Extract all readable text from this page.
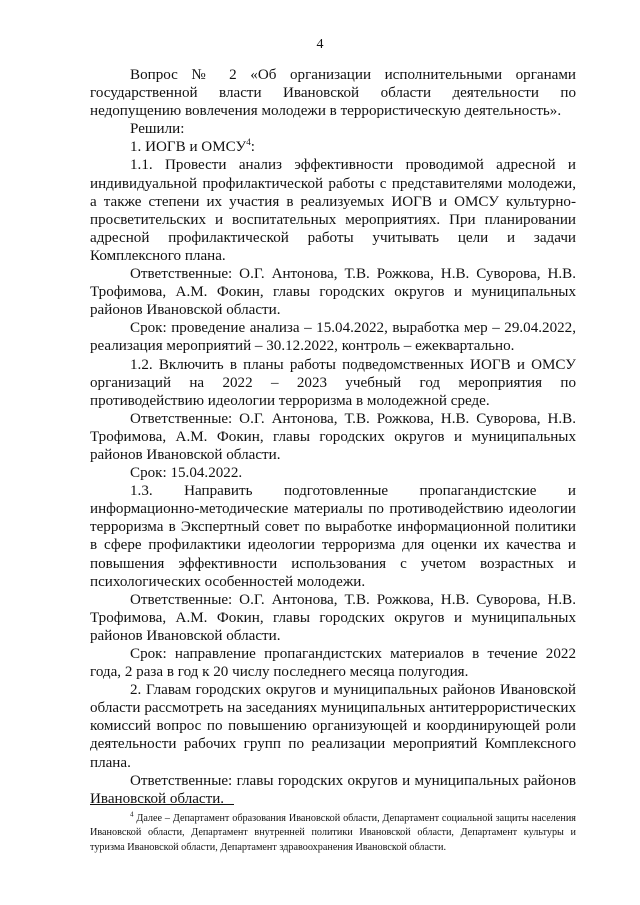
4

Вопрос № 2 «Об организации исполнительными органами государственной власти Ивановской области деятельности по недопущению вовлечения молодежи в террористическую деятельность».

Решили:

1. ИОГВ и ОМСУ$^4$:

1.1. Провести анализ эффективности проводимой адресной и индивидуальной профилактической работы с представителями молодежи, а также степени их участия в реализуемых ИОГВ и ОМСУ культурно-просветительских и воспитательных мероприятиях. При планировании адресной профилактической работы учитывать цели и задачи Комплексного плана.

Ответственные: О.Г. Антонова, Т.В. Рожкова, Н.В. Суворова, Н.В. Трофимова, А.М. Фокин, главы городских округов и муниципальных районов Ивановской области.

Срок: проведение анализа – 15.04.2022, выработка мер – 29.04.2022, реализация мероприятий – 30.12.2022, контроль – ежеквартально.

1.2. Включить в планы работы подведомственных ИОГВ и ОМСУ организаций на 2022 – 2023 учебный год мероприятия по противодействию идеологии терроризма в молодежной среде.

Ответственные: О.Г. Антонова, Т.В. Рожкова, Н.В. Суворова, Н.В. Трофимова, А.М. Фокин, главы городских округов и муниципальных районов Ивановской области.

Срок: 15.04.2022.

1.3. Направить подготовленные пропагандистские и информационно-методические материалы по противодействию идеологии терроризма в Экспертный совет по выработке информационной политики в сфере профилактики идеологии терроризма для оценки их качества и повышения эффективности использования с учетом возрастных и психологических особенностей молодежи.

Ответственные: О.Г. Антонова, Т.В. Рожкова, Н.В. Суворова, Н.В. Трофимова, А.М. Фокин, главы городских округов и муниципальных районов Ивановской области.

Срок: направление пропагандистских материалов в течение 2022 года, 2 раза в год к 20 числу последнего месяца полугодия.

2. Главам городских округов и муниципальных районов Ивановской области рассмотреть на заседаниях муниципальных антитеррористических комиссий вопрос по повышению организующей и координирующей роли деятельности рабочих групп по реализации мероприятий Комплексного плана.

Ответственные: главы городских округов и муниципальных районов Ивановской области.

$^4$ Далее – Департамент образования Ивановской области, Департамент социальной защиты населения Ивановской области, Департамент внутренней политики Ивановской области, Департамент культуры и туризма Ивановской области, Департамент здравоохранения Ивановской области.
